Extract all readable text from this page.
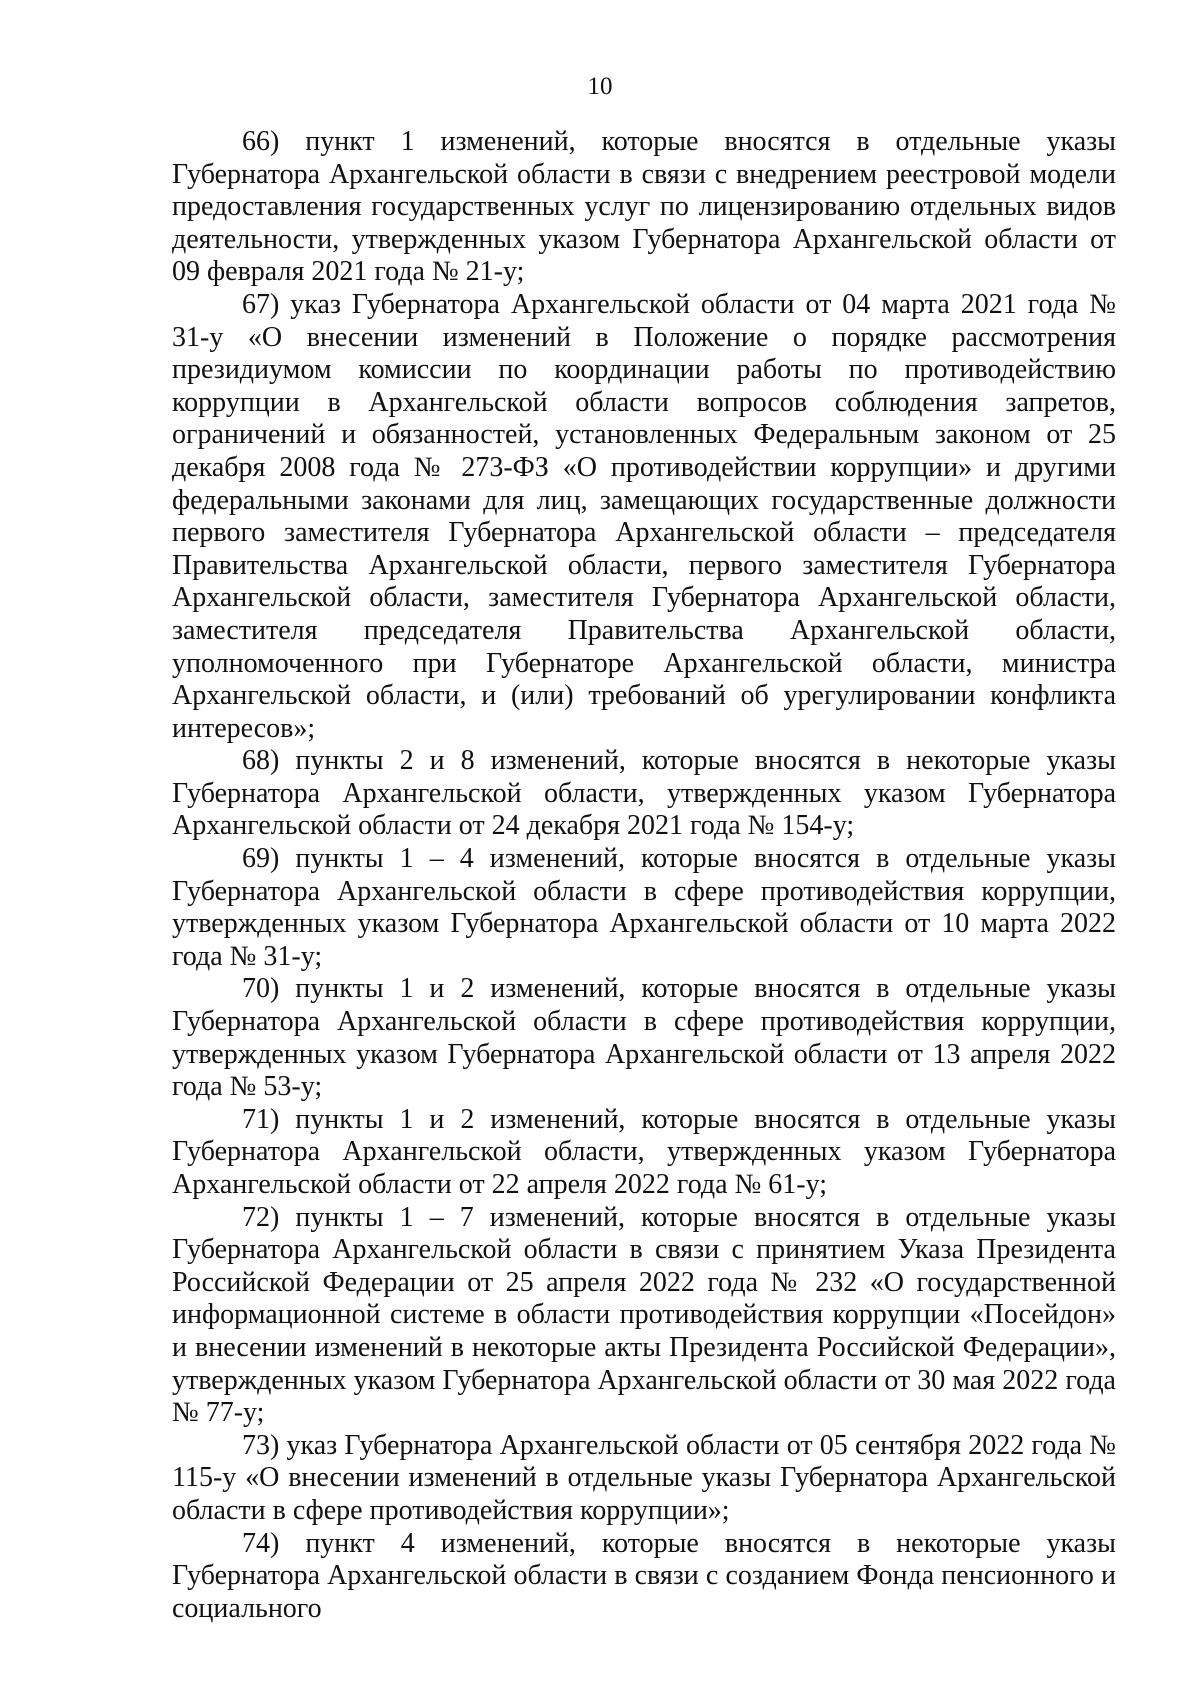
10

66) пункт 1 изменений, которые вносятся в отдельные указы Губернатора Архангельской области в связи с внедрением реестровой модели предоставления государственных услуг по лицензированию отдельных видов деятельности, утвержденных указом Губернатора Архангельской области от 09 февраля 2021 года № 21-у;

67) указ Губернатора Архангельской области от 04 марта 2021 года № 31-у «О внесении изменений в Положение о порядке рассмотрения президиумом комиссии по координации работы по противодействию коррупции в Архангельской области вопросов соблюдения запретов, ограничений и обязанностей, установленных Федеральным законом от 25 декабря 2008 года № 273-ФЗ «О противодействии коррупции» и другими федеральными законами для лиц, замещающих государственные должности первого заместителя Губернатора Архангельской области – председателя Правительства Архангельской области, первого заместителя Губернатора Архангельской области, заместителя Губернатора Архангельской области, заместителя председателя Правительства Архангельской области, уполномоченного при Губернаторе Архангельской области, министра Архангельской области, и (или) требований об урегулировании конфликта интересов»;

68) пункты 2 и 8 изменений, которые вносятся в некоторые указы Губернатора Архангельской области, утвержденных указом Губернатора Архангельской области от 24 декабря 2021 года № 154-у;

69) пункты 1 – 4 изменений, которые вносятся в отдельные указы Губернатора Архангельской области в сфере противодействия коррупции, утвержденных указом Губернатора Архангельской области от 10 марта 2022 года № 31-у;

70) пункты 1 и 2 изменений, которые вносятся в отдельные указы Губернатора Архангельской области в сфере противодействия коррупции, утвержденных указом Губернатора Архангельской области от 13 апреля 2022 года № 53-у;

71) пункты 1 и 2 изменений, которые вносятся в отдельные указы Губернатора Архангельской области, утвержденных указом Губернатора Архангельской области от 22 апреля 2022 года № 61-у;

72) пункты 1 – 7 изменений, которые вносятся в отдельные указы Губернатора Архангельской области в связи с принятием Указа Президента Российской Федерации от 25 апреля 2022 года № 232 «О государственной информационной системе в области противодействия коррупции «Посейдон» и внесении изменений в некоторые акты Президента Российской Федерации», утвержденных указом Губернатора Архангельской области от 30 мая 2022 года № 77-у;

73) указ Губернатора Архангельской области от 05 сентября 2022 года № 115-у «О внесении изменений в отдельные указы Губернатора Архангельской области в сфере противодействия коррупции»;

74) пункт 4 изменений, которые вносятся в некоторые указы Губернатора Архангельской области в связи с созданием Фонда пенсионного и социального
